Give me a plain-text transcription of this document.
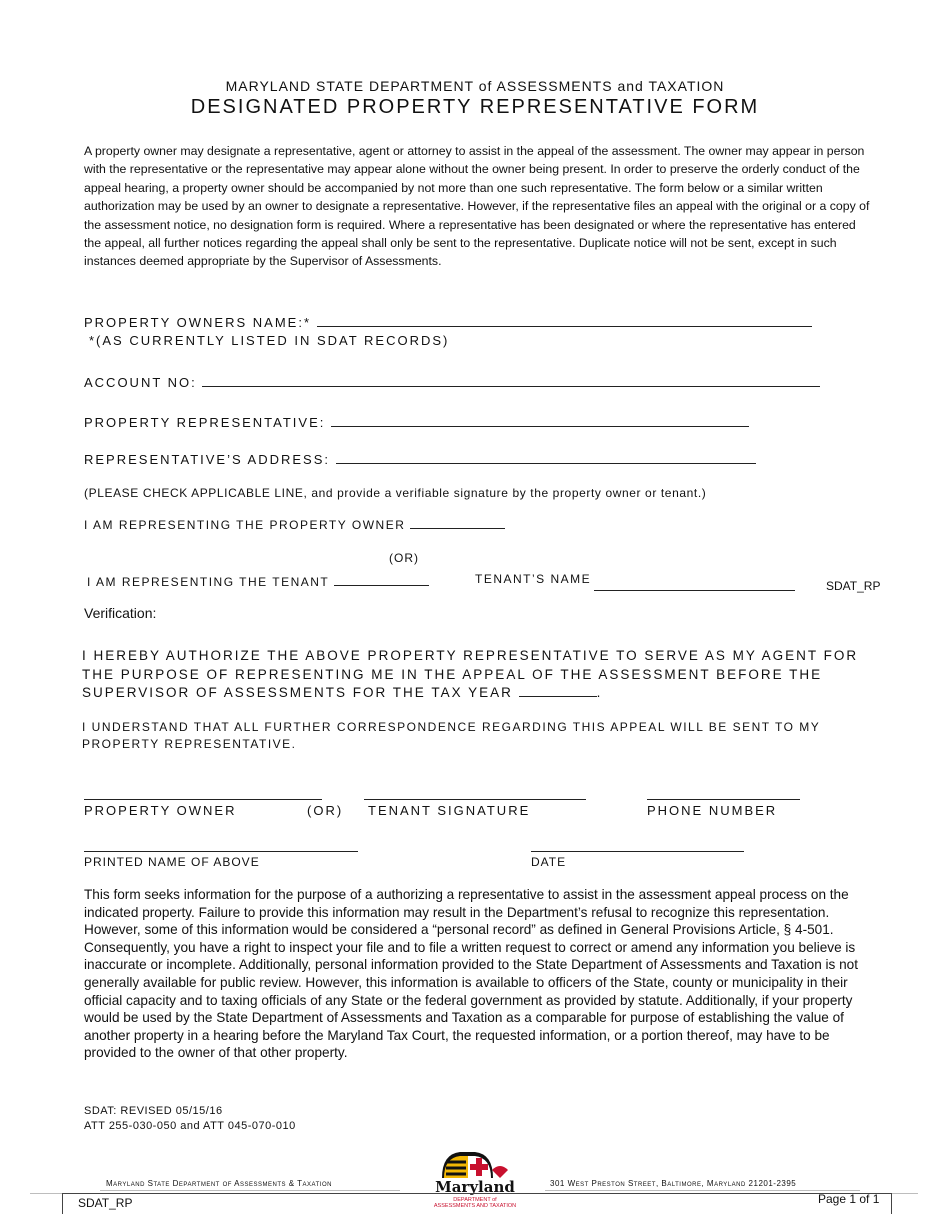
MARYLAND STATE DEPARTMENT of ASSESSMENTS and TAXATION
DESIGNATED PROPERTY REPRESENTATIVE FORM
A property owner may designate a representative, agent or attorney to assist in the appeal of the assessment. The owner may appear in person with the representative or the representative may appear alone without the owner being present. In order to preserve the orderly conduct of the appeal hearing, a property owner should be accompanied by not more than one such representative. The form below or a similar written authorization may be used by an owner to designate a representative. However, if the representative files an appeal with the original or a copy of the assessment notice, no designation form is required. Where a representative has been designated or where the representative has entered the appeal, all further notices regarding the appeal shall only be sent to the representative. Duplicate notice will not be sent, except in such instances deemed appropriate by the Supervisor of Assessments.
PROPERTY OWNERS NAME:*
*(AS CURRENTLY LISTED IN SDAT RECORDS)
ACCOUNT NO:
PROPERTY REPRESENTATIVE:
REPRESENTATIVE’S ADDRESS:
(PLEASE CHECK APPLICABLE LINE, and provide a verifiable signature by the property owner or tenant.)
I AM REPRESENTING THE PROPERTY OWNER
(OR)
I AM REPRESENTING THE TENANT	TENANT’S NAME	SDAT_RP
Verification:
I HEREBY AUTHORIZE THE ABOVE PROPERTY REPRESENTATIVE TO SERVE AS MY AGENT FOR THE PURPOSE OF REPRESENTING ME IN THE APPEAL OF THE ASSESSMENT BEFORE THE SUPERVISOR OF ASSESSMENTS FOR THE TAX YEAR	.
I UNDERSTAND THAT ALL FURTHER CORRESPONDENCE REGARDING THIS APPEAL WILL BE SENT TO MY PROPERTY REPRESENTATIVE.
PROPERTY OWNER	(OR) TENANT SIGNATURE	PHONE NUMBER
PRINTED NAME OF ABOVE	DATE
This form seeks information for the purpose of a authorizing a representative to assist in the assessment appeal process on the indicated property. Failure to provide this information may result in the Department’s refusal to recognize this representation. However, some of this information would be considered a “personal record” as defined in General Provisions Article, § 4-501. Consequently, you have a right to inspect your file and to file a written request to correct or amend any information you believe is inaccurate or incomplete. Additionally, personal information provided to the State Department of Assessments and Taxation is not generally available for public review. However, this information is available to officers of the State, county or municipality in their official capacity and to taxing officials of any State or the federal government as provided by statute. Additionally, if your property would be used by the State Department of Assessments and Taxation as a comparable for purpose of establishing the value of another property in a hearing before the Maryland Tax Court, the requested information, or a portion thereof, may have to be provided to the owner of that other property.
SDAT: REVISED 05/15/16
ATT 255-030-050 and ATT 045-070-010
Maryland State Department of Assessments & Taxation	301 West Preston Street, Baltimore, Maryland 21201-2395
Maryland
DEPARTMENT of
ASSESSMENTS AND TAXATION
SDAT_RP	Page 1 of 1
